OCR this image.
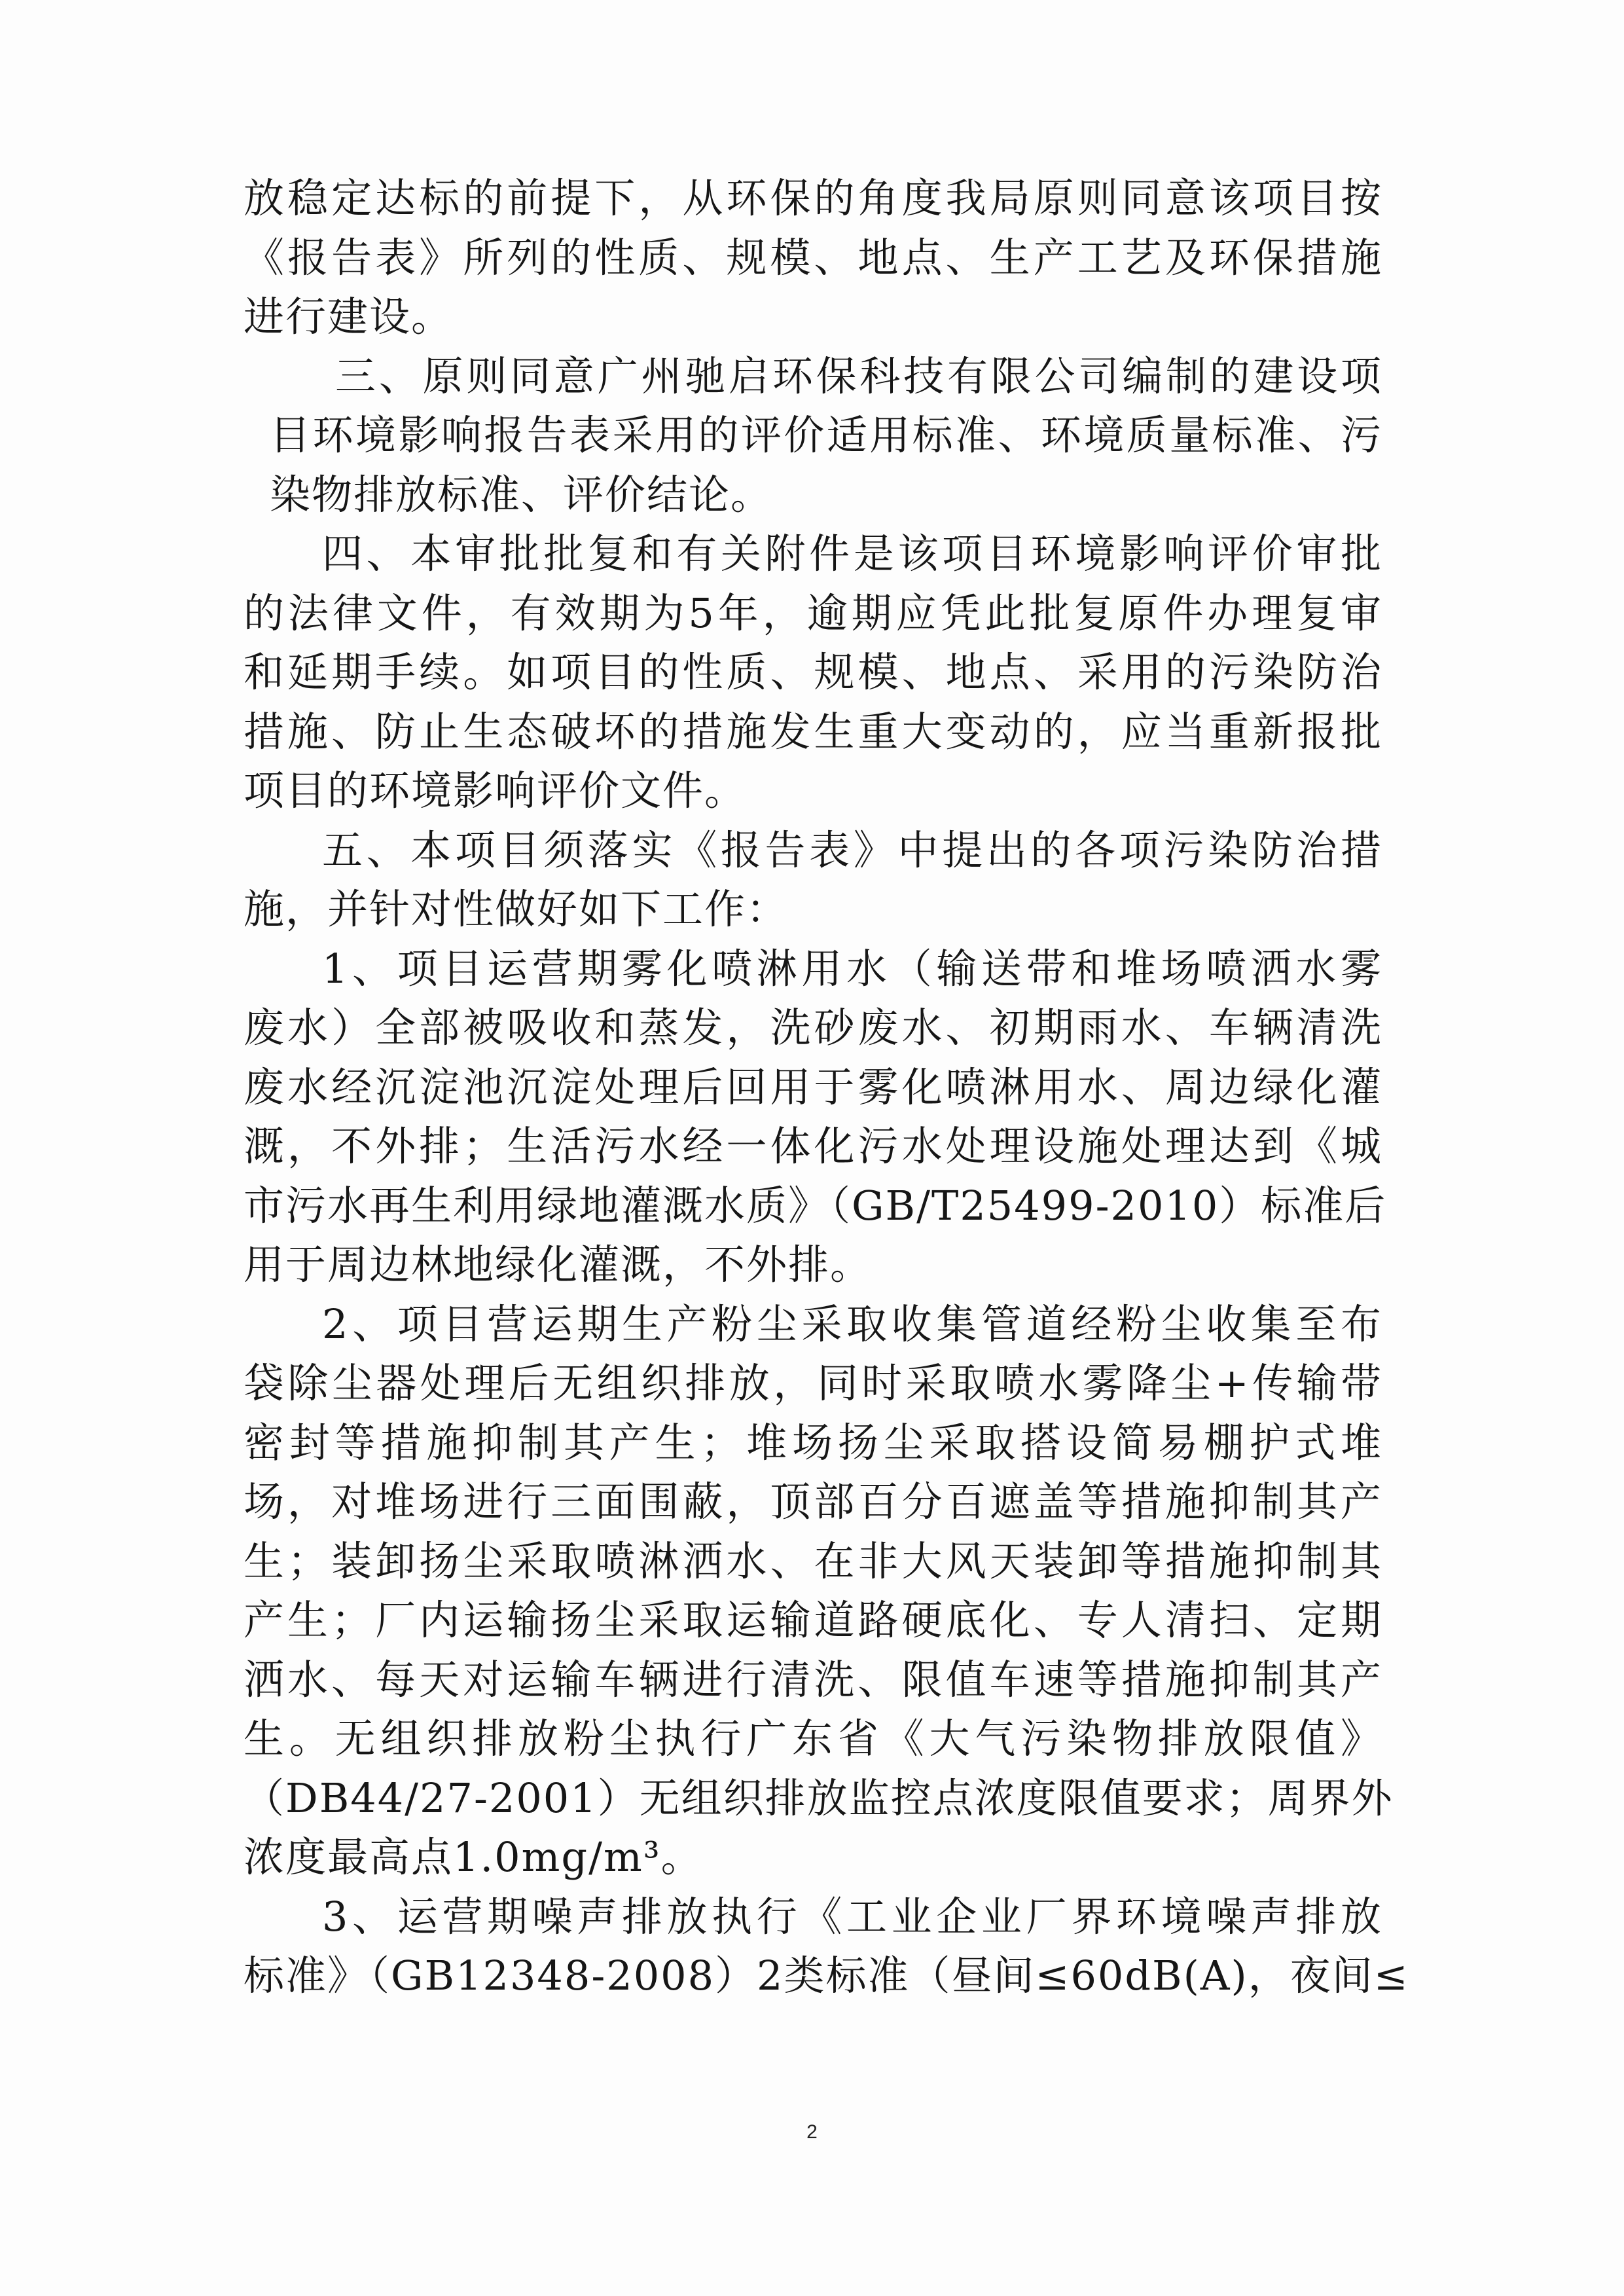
放稳定达标的前提下，从环保的角度我局原则同意该项目按
《报告表》所列的性质、规模、地点、生产工艺及环保措施
进行建设。
三、原则同意广州驰启环保科技有限公司编制的建设项
目环境影响报告表采用的评价适用标准、环境质量标准、污
染物排放标准、评价结论。
四、本审批批复和有关附件是该项目环境影响评价审批
的法律文件，有效期为5年，逾期应凭此批复原件办理复审
和延期手续。如项目的性质、规模、地点、采用的污染防治
措施、防止生态破坏的措施发生重大变动的，应当重新报批
项目的环境影响评价文件。
五、本项目须落实《报告表》中提出的各项污染防治措
施，并针对性做好如下工作：
1、项目运营期雾化喷淋用水（输送带和堆场喷洒水雾
废水）全部被吸收和蒸发，洗砂废水、初期雨水、车辆清洗
废水经沉淀池沉淀处理后回用于雾化喷淋用水、周边绿化灌
溉，不外排；生活污水经一体化污水处理设施处理达到《城
市污水再生利用绿地灌溉水质》（GB/T25499-2010）标准后
用于周边林地绿化灌溉，不外排。
2、项目营运期生产粉尘采取收集管道经粉尘收集至布
袋除尘器处理后无组织排放，同时采取喷水雾降尘+传输带
密封等措施抑制其产生；堆场扬尘采取搭设简易棚护式堆
场，对堆场进行三面围蔽，顶部百分百遮盖等措施抑制其产
生；装卸扬尘采取喷淋洒水、在非大风天装卸等措施抑制其
产生；厂内运输扬尘采取运输道路硬底化、专人清扫、定期
洒水、每天对运输车辆进行清洗、限值车速等措施抑制其产
生。无组织排放粉尘执行广东省《大气污染物排放限值》
（DB44/27-2001）无组织排放监控点浓度限值要求；周界外
浓度最高点1.0mg/m³。
3、运营期噪声排放执行《工业企业厂界环境噪声排放
标准》（GB12348-2008）2类标准（昼间≤60dB(A)，夜间≤
2
